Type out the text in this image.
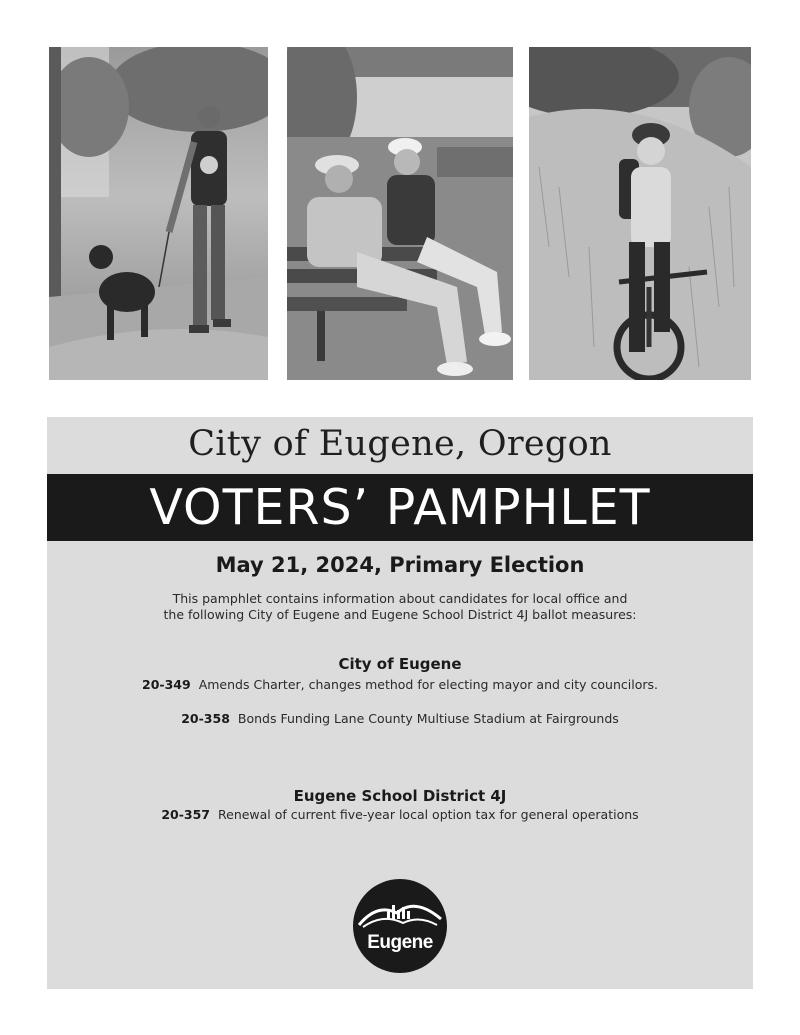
City of Eugene, Oregon
VOTERS’ PAMPHLET
May 21, 2024, Primary Election
This pamphlet contains information about candidates for local office and
the following City of Eugene and Eugene School District 4J ballot measures:
City of Eugene
20-349 Amends Charter, changes method for electing mayor and city councilors.
20-358 Bonds Funding Lane County Multiuse Stadium at Fairgrounds
Eugene School District 4J
20-357 Renewal of current five-year local option tax for general operations
Eugene
